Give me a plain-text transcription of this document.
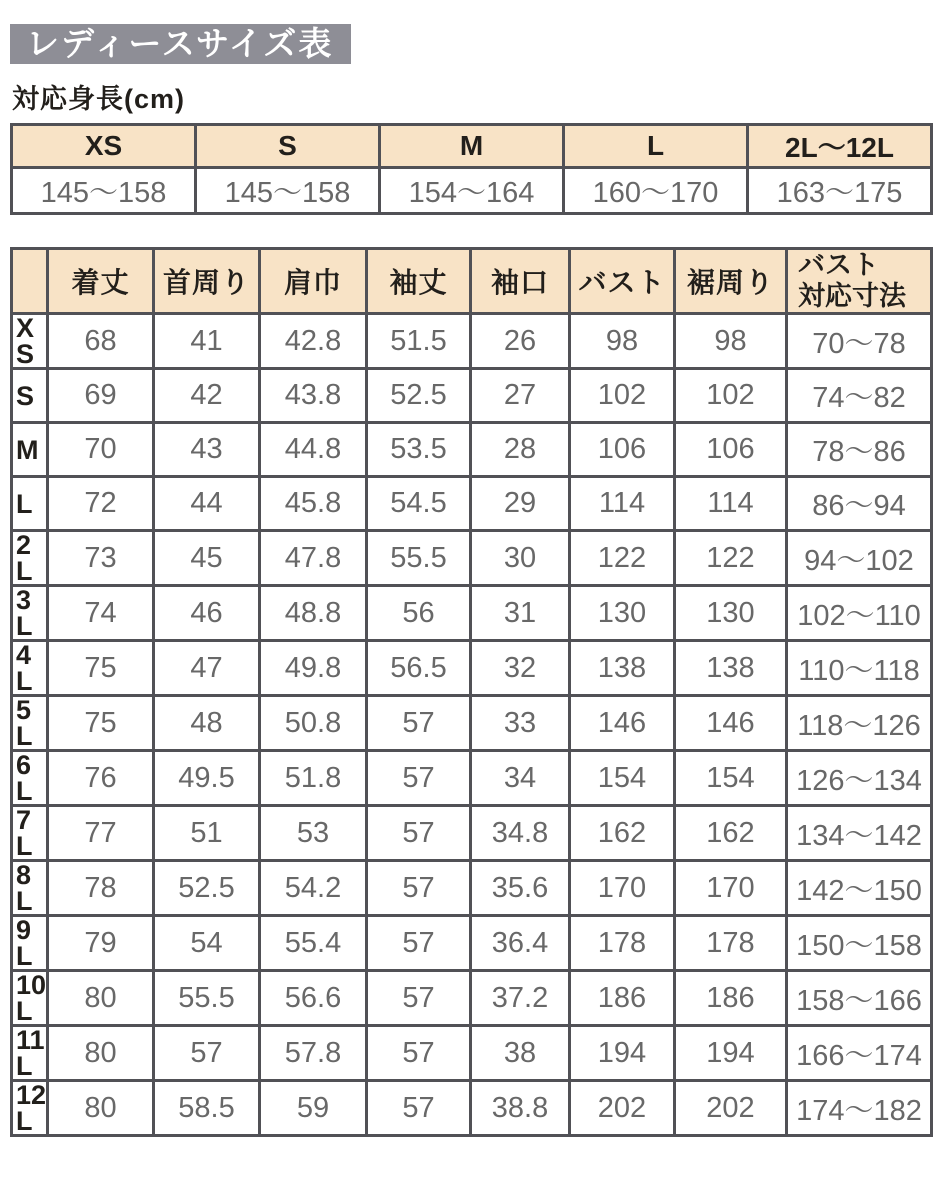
レディースサイズ表
対応身長(cm)
XS	S	M	L	2L～12L
145～158	145～158	154～164	160～170	163～175
	着丈	首周り	肩巾	袖丈	袖口	バスト	裾周り	バスト
対応寸法

X
S	68	41	42.8	51.5	26	98	98	70～78

S	69	42	43.8	52.5	27	102	102	74～82

M	70	43	44.8	53.5	28	106	106	78～86

L	72	44	45.8	54.5	29	114	114	86～94

2
L	73	45	47.8	55.5	30	122	122	94～102

3
L	74	46	48.8	56	31	130	130	102～110

4
L	75	47	49.8	56.5	32	138	138	110～118

5
L	75	48	50.8	57	33	146	146	118～126

6
L	76	49.5	51.8	57	34	154	154	126～134

7
L	77	51	53	57	34.8	162	162	134～142

8
L	78	52.5	54.2	57	35.6	170	170	142～150

9
L	79	54	55.4	57	36.4	178	178	150～158

10
L	80	55.5	56.6	57	37.2	186	186	158～166

11
L	80	57	57.8	57	38	194	194	166～174

12
L	80	58.5	59	57	38.8	202	202	174～182
